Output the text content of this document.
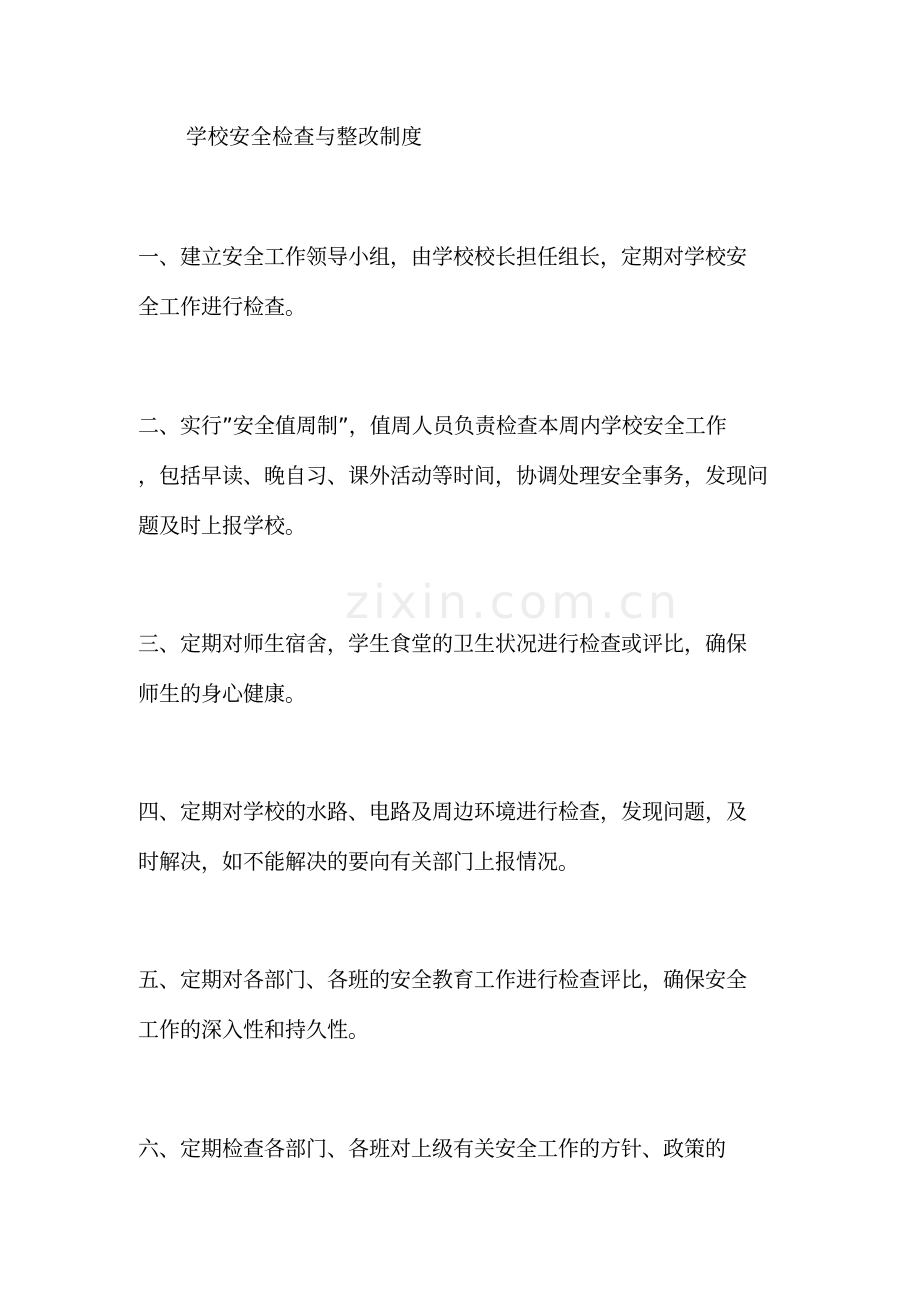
zixin.com.cn
学校安全检查与整改制度
一、建立安全工作领导小组，由学校校长担任组长，定期对学校安
全工作进行检查。
二、实行”安全值周制”，值周人员负责检查本周内学校安全工作
，包括早读、晚自习、课外活动等时间，协调处理安全事务，发现问
题及时上报学校。
三、定期对师生宿舍，学生食堂的卫生状况进行检查或评比，确保
师生的身心健康。
四、定期对学校的水路、电路及周边环境进行检查，发现问题，及
时解决，如不能解决的要向有关部门上报情况。
五、定期对各部门、各班的安全教育工作进行检查评比，确保安全
工作的深入性和持久性。
六、定期检查各部门、各班对上级有关安全工作的方针、政策的
